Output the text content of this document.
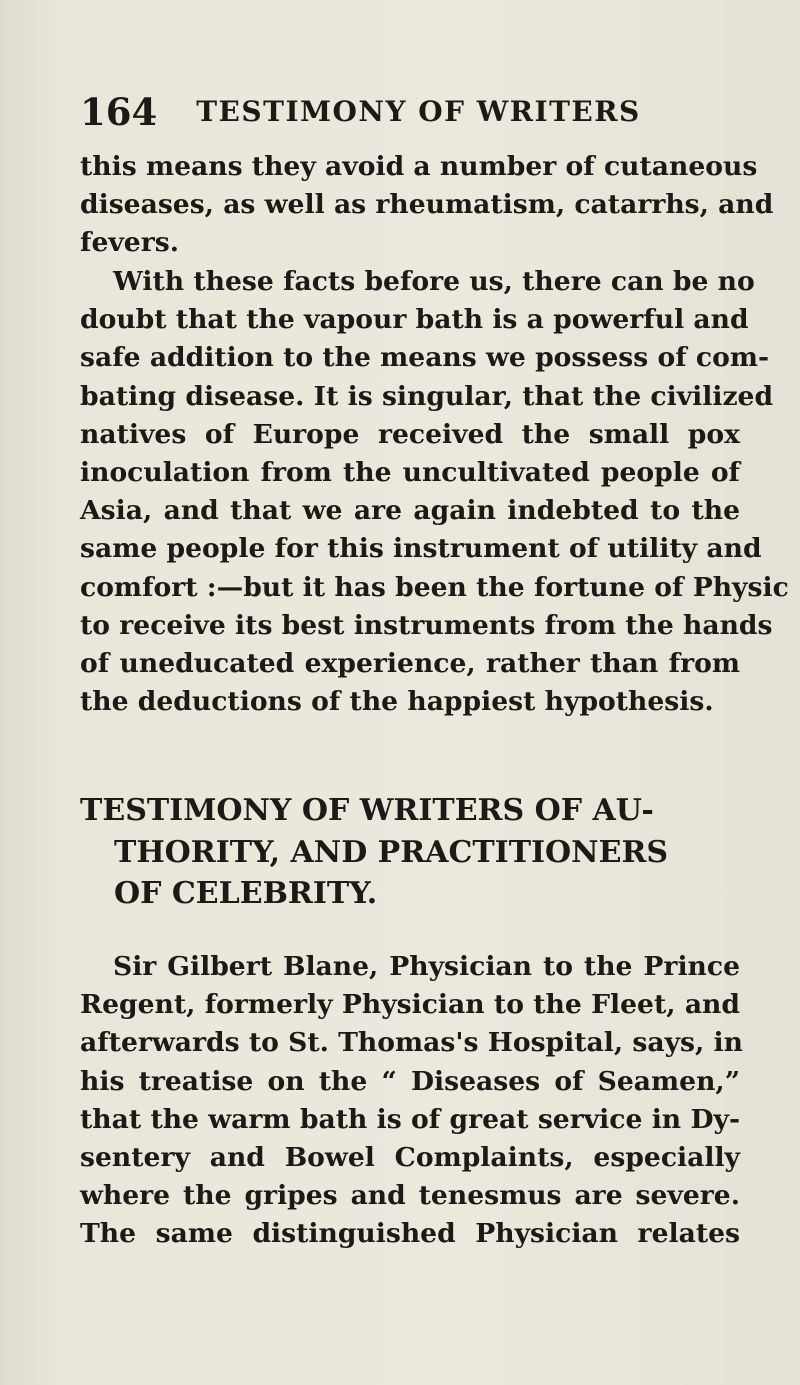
164	TESTIMONY OF WRITERS

this means they avoid a number of cutaneous
diseases, as well as rheumatism, catarrhs, and
fevers.

With these facts before us, there can be no
doubt that the vapour bath is a powerful and
safe addition to the means we possess of com-
bating disease. It is singular, that the civilized
natives of Europe received the small pox
inoculation from the uncultivated people of
Asia, and that we are again indebted to the
same people for this instrument of utility and
comfort :—but it has been the fortune of Physic
to receive its best instruments from the hands
of uneducated experience, rather than from
the deductions of the happiest hypothesis.

TESTIMONY OF WRITERS OF AU-
THORITY, AND PRACTITIONERS
OF CELEBRITY.

Sir Gilbert Blane, Physician to the Prince
Regent, formerly Physician to the Fleet, and
afterwards to St. Thomas's Hospital, says, in
his treatise on the “ Diseases of Seamen,”
that the warm bath is of great service in Dy-
sentery and Bowel Complaints, especially
where the gripes and tenesmus are severe.
The same distinguished Physician relates
